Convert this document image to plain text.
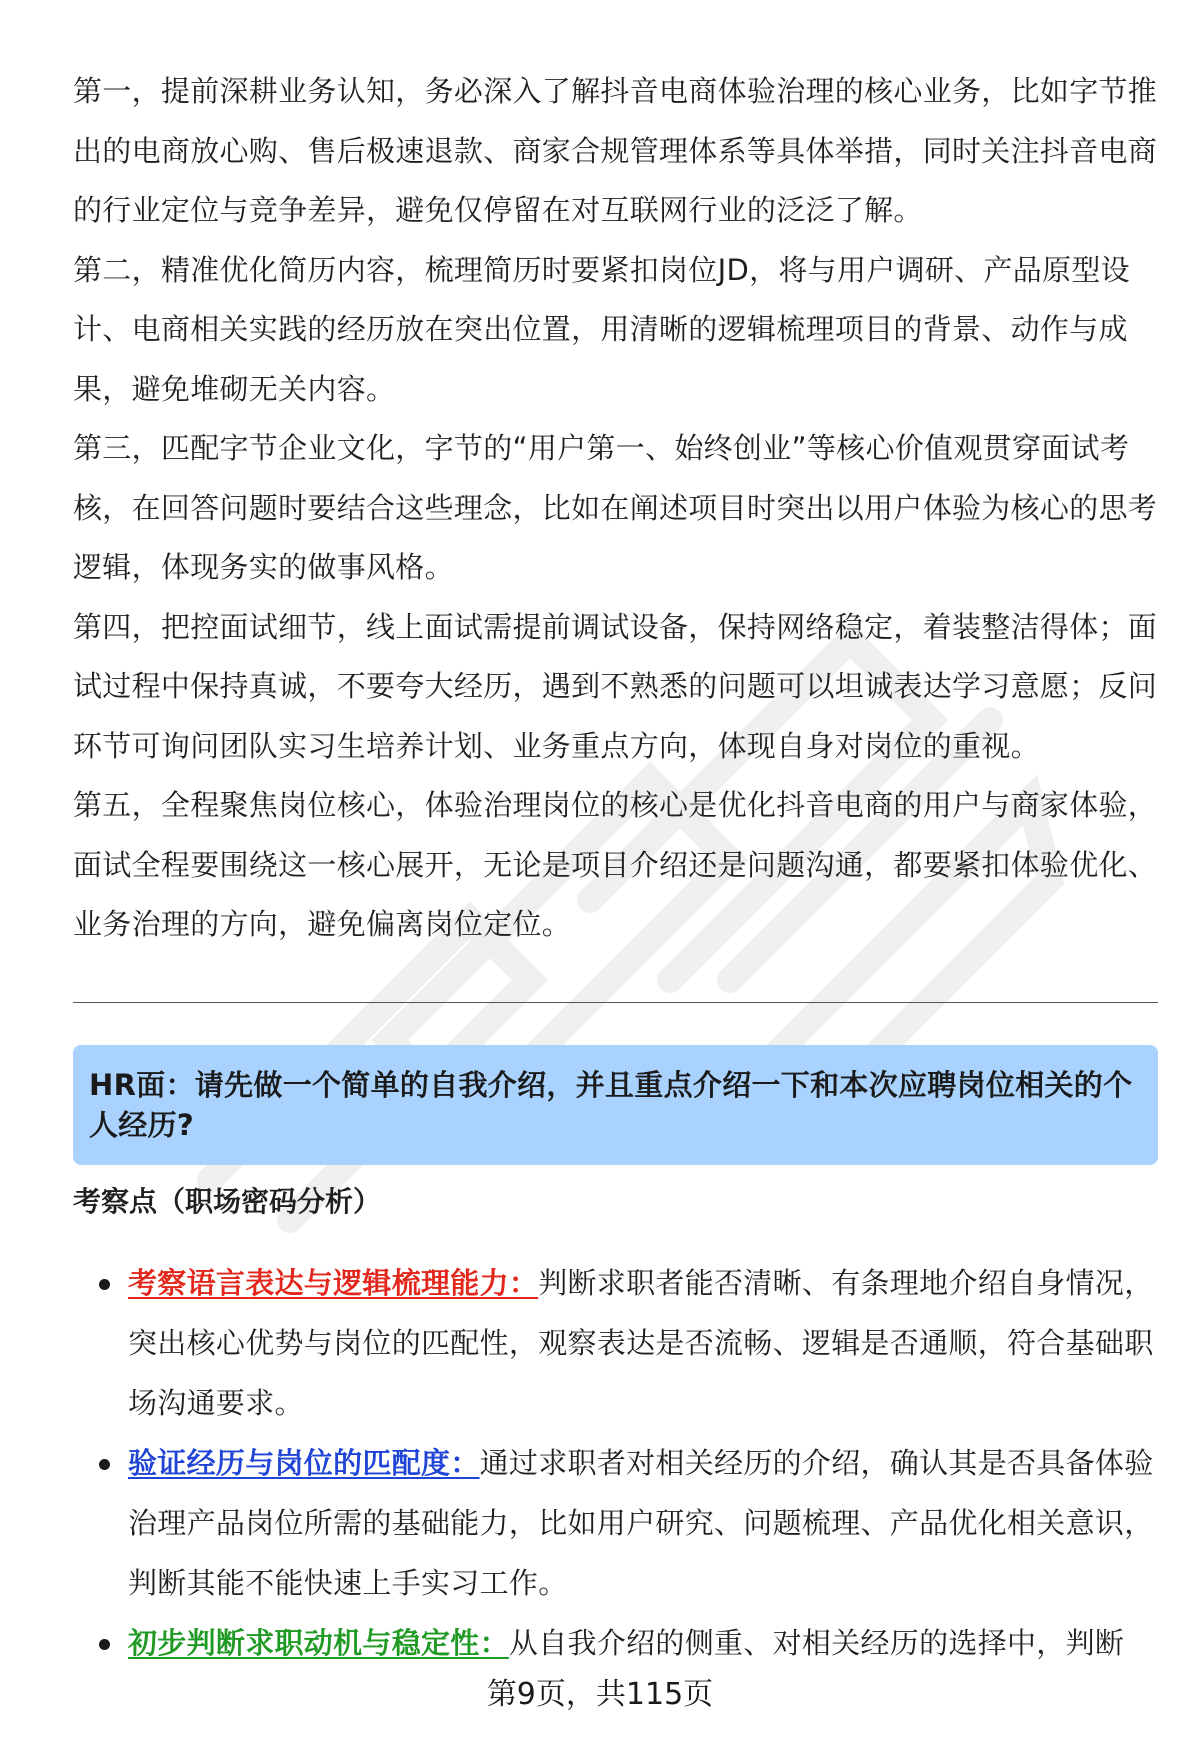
第一，提前深耕业务认知，务必深入了解抖音电商体验治理的核心业务，比如字节推出的电商放心购、售后极速退款、商家合规管理体系等具体举措，同时关注抖音电商的行业定位与竞争差异，避免仅停留在对互联网行业的泛泛了解。

第二，精准优化简历内容，梳理简历时要紧扣岗位JD，将与用户调研、产品原型设计、电商相关实践的经历放在突出位置，用清晰的逻辑梳理项目的背景、动作与成果，避免堆砌无关内容。

第三，匹配字节企业文化，字节的“用户第一、始终创业”等核心价值观贯穿面试考核，在回答问题时要结合这些理念，比如在阐述项目时突出以用户体验为核心的思考逻辑，体现务实的做事风格。

第四，把控面试细节，线上面试需提前调试设备，保持网络稳定，着装整洁得体；面试过程中保持真诚，不要夸大经历，遇到不熟悉的问题可以坦诚表达学习意愿；反问环节可询问团队实习生培养计划、业务重点方向，体现自身对岗位的重视。

第五，全程聚焦岗位核心，体验治理岗位的核心是优化抖音电商的用户与商家体验，面试全程要围绕这一核心展开，无论是项目介绍还是问题沟通，都要紧扣体验优化、业务治理的方向，避免偏离岗位定位。

HR面：请先做一个简单的自我介绍，并且重点介绍一下和本次应聘岗位相关的个人经历?
考察点（职场密码分析）
考察语言表达与逻辑梳理能力：判断求职者能否清晰、有条理地介绍自身情况，突出核心优势与岗位的匹配性，观察表达是否流畅、逻辑是否通顺，符合基础职场沟通要求。
验证经历与岗位的匹配度：通过求职者对相关经历的介绍，确认其是否具备体验治理产品岗位所需的基础能力，比如用户研究、问题梳理、产品优化相关意识，判断其能不能快速上手实习工作。
初步判断求职动机与稳定性：从自我介绍的侧重、对相关经历的选择中，判断
第9页，共115页
